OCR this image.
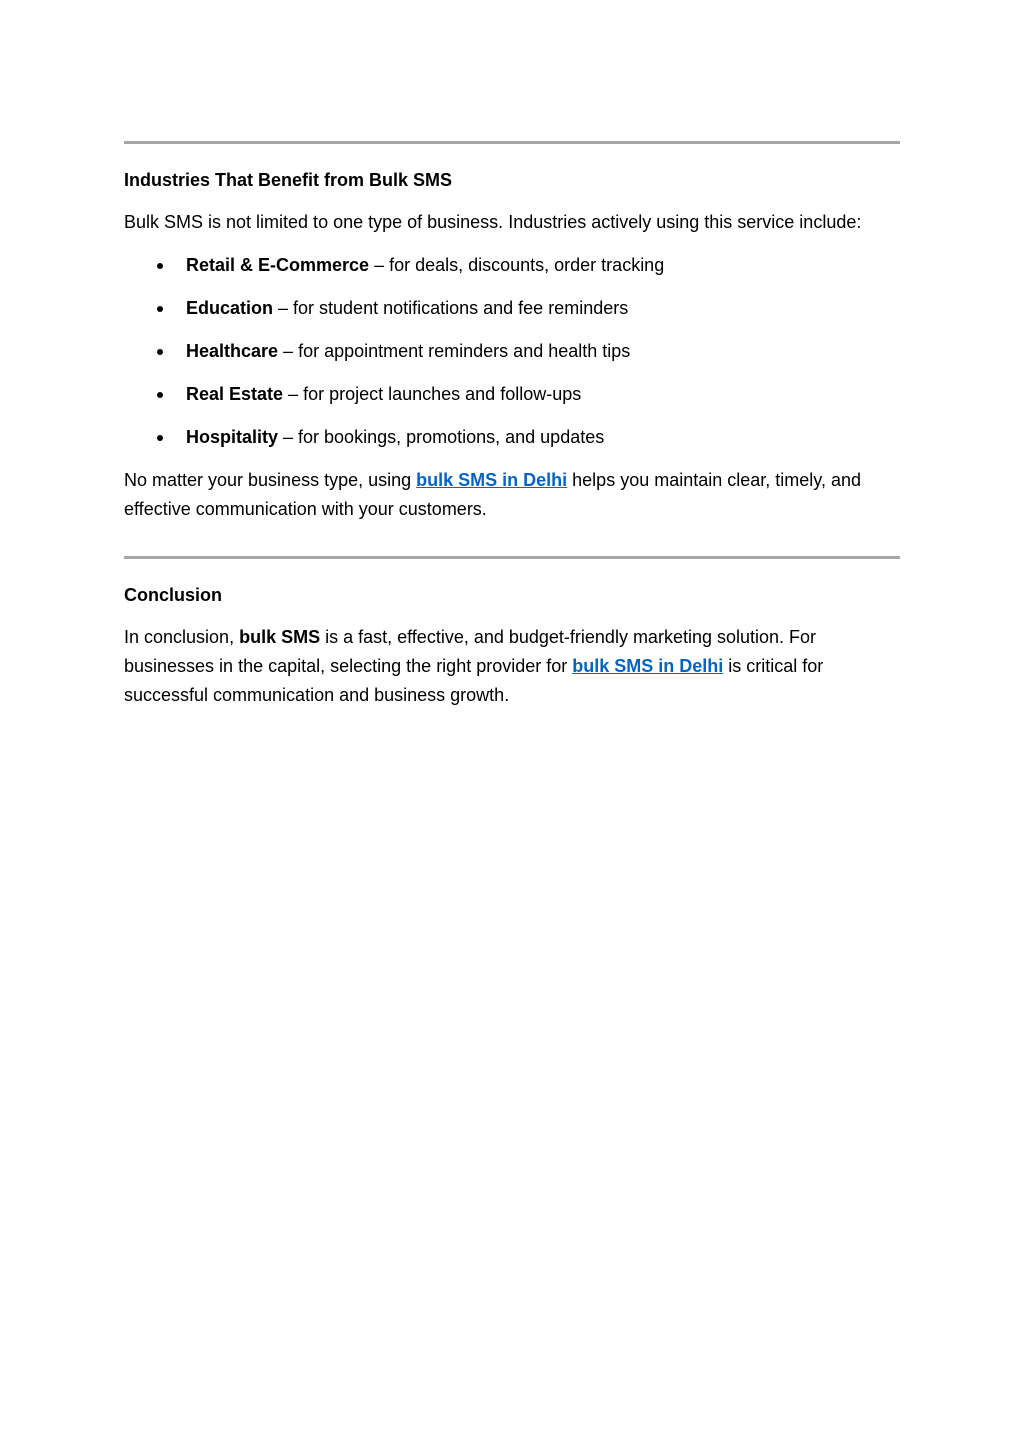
Industries That Benefit from Bulk SMS
Bulk SMS is not limited to one type of business. Industries actively using this service include:
Retail & E-Commerce – for deals, discounts, order tracking
Education – for student notifications and fee reminders
Healthcare – for appointment reminders and health tips
Real Estate – for project launches and follow-ups
Hospitality – for bookings, promotions, and updates
No matter your business type, using bulk SMS in Delhi helps you maintain clear, timely, and effective communication with your customers.
Conclusion
In conclusion, bulk SMS is a fast, effective, and budget-friendly marketing solution. For businesses in the capital, selecting the right provider for bulk SMS in Delhi is critical for successful communication and business growth.
